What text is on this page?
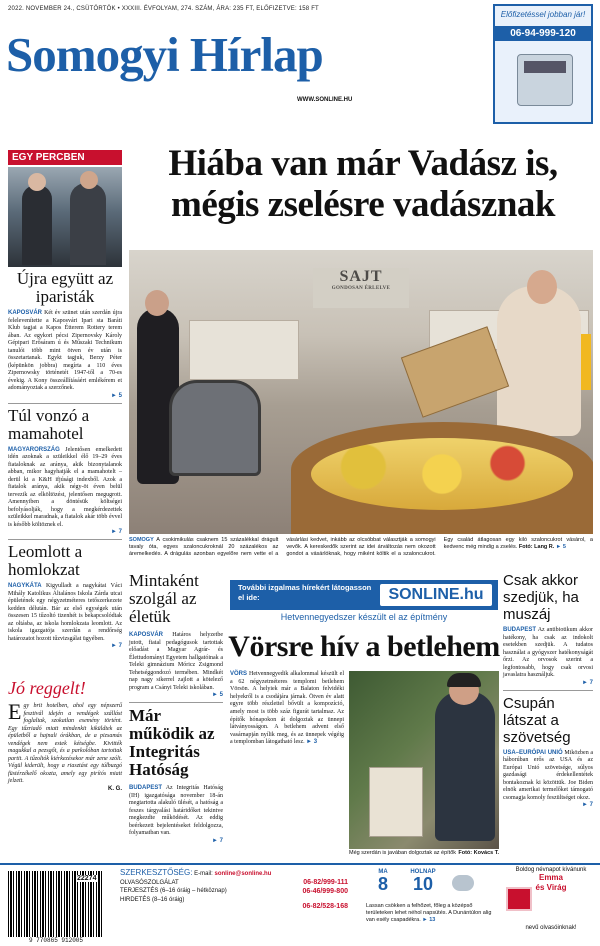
2022. NOVEMBER 24., CSÜTÖRTÖK • XXXIII. ÉVFOLYAM, 274. SZÁM, ÁRA: 235 FT, ELŐFIZETVE: 158 FT
Somogyi Hírlap
WWW.SONLINE.HU
Előfizetéssel jobban jár!
06-94-999-120
EGY PERCBEN
Újra együtt az iparisták
KAPOSVÁR Két év szünet után szerdán újra felelevenítette a Kaposvári Ipari sta Baráti Klub tagjai a Kapos Étterem Rottery terem ában. Az egykori pécsi Zipernovsky Károly Gépipari Erősáram ú és Műszaki Technikum tanulói több mint ötven év után is összetartanak. Egykt tagjuk, Berzy Péter (képünkön jobbra) megírta a 110 éves Zipernowsky történetét 1947-től a 70-es évekig. A Kony összeállításáért emlékérem et adományoztak a szerzőnek.
► 5
Túl vonzó a mamahotel
MAGYARORSZÁG Jelentősen emelkedett idén azoknak a szüleikkel élő 19–29 éves fiataloknak az aránya, akik bizonytalanok abban, mikor hagyhatják el a mamahotelt – derül ki a K&H ifjúsági indexből. Azok a fiatalok aránya, akik négy-öt éven belül tervezik az elköltözést, jelentősen megugrott. Amennyiben a döntésük költségei befolyásolják, hogy a megkérdezettek szüleikkel maradnak, a fiatalok akár több évvel is később költöznek el.
► 7
Leomlott a homlokzat
NAGYKÁTA Kigyulladt a nagykátai Váci Mihály Katolikus Általános Iskola Zárda utcai épületének egy négyzetméteres tetőszerkezete kedden délután. Bár az első egységek után összesen 15 tűzoltó tizenhét is bekapcsolódtak az oltásba, az iskola homlokzata leomlott. Az iskola igazgatója szerdán a rendőrség határozatot hozott tűzvizsgálat ügyében.
► 7
Hiába van már Vadász is, mégis zselésre vadásznak
SAJT
GONDOSAN ÉRLELVE
SOMOGY A csokimikulás csaknem 15 százalékkal drágult tavaly óta, egyes szaloncukroknál 20 százalékos az áremelkedés. A drágulás azonban egyelőre nem vette el a vásárlási kedvet, inkább az olcsóbbat választják a somogyi vevők. A kereskedők szerint az idei árváltozás nem okozott gondot a vásárlóknak, hogy miként költik el a szaloncukrot. Egy család átlagosan egy kiló szaloncukrot vásárol, a kedvenc még mindig a zselés. Fotó: Lang R. ► 5
Mintaként szolgál az életük
KAPOSVÁR Határos helyzetbe jutott, fiatal pedagógusok tartottak előadást a Magyar Agrár- és Élettudományi Egyetem hallgatóinak a Teleki gimnázium Móricz Zsigmond Tehetséggondozó termében. Mindkét nap nagy sikerrel zajlott a kötelező program a Csányi Teleki iskolában.
► 5
Már működik az Integritás Hatóság
BUDAPEST Az Integritás Hatóság (IH) igazgatósága november 18-án megtartotta alakuló ülését, a hatóság a feszes tárgyalási határidőket tekintve megkezdte működését. Az eddig beérkezett bejelentéseket feldolgozza, folyamatban van.
► 7
További izgalmas hírekért látogasson el ide:	SONLINE.hu
Hetvennegyedszer készült el az építmény
Vörsre hív a betlehem
VÖRS Hetvennegyedik alkalommal készült el a 62 négyzetméteres templomi betlehem Vörsön. A helyiek már a Balaton felvidéki helyekről is a csodájára járnak. Ötven év alatt egyre több részlettel bővült a kompozíció, amely most is több száz figurát tartalmaz. Az építők hónapokon át dolgoztak az ünnepi látványosságon. A betlehem advent első vasárnapján nyílik meg, és az ünnepek végéig a templomban látogatható lesz. ► 3
Még szerdán is javában dolgoztak az építők Fotó: Kovács T.
Csak akkor szedjük, ha muszáj
BUDAPEST Az antibiotikum akkor hatékony, ha csak az indokolt esetekben szedjük. A tudatos használat a gyógyszer hatékonyságát őrzi. Az orvosok szerint a legfontosabb, hogy csak orvosi javaslatra használjuk.
► 7
Csupán látszat a szövetség
USA–EURÓPAI UNIÓ Miközben a háborúban erős az USA és az Európai Unió szövetsége, súlyos gazdasági érdekellentétek bontakoznak ki közöttük. Joe Biden elnök amerikai termelőket támogató csomagja komoly feszültséget okoz.
► 7
Jó reggelt!
Egy brit hotelben, ahol egy népszerű fesztivál idején a vendégek szállást foglaltak, szokatlan esemény történt. Egy tűzriadó miatt mindenkit kiküldtek az épületből a hajnali órákban, de a pizsamás vendégek nem estek kétségbe. Kivitték magukkal a pezsgőt, és a parkolóban tartottak partit. A tűzoltók kiérkezésekor már zene szólt. Végül kiderült, hogy a riasztást egy túlbuzgó füstérzékelő okozta, amely egy pirítós miatt jelzett.
K. G.
22274
9 770865 912005
SZERKESZTŐSÉG: E-mail: sonline@sonline.hu
OLVASÓSZOLGÁLAT
TERJESZTÉS (6–16 óráig – hétköznap)
06-82/999-111
HIRDETÉS (8–16 óráig)
06-46/999-800
06-82/528-168
MA
8
HOLNAP
10
Lassan csökken a felhőzet, főleg a középső területeken lehet néhol napsütés. A Dunántúlon alig van esély csapadékra. ► 13
Boldog névnapot kívánunk
Emma
és Virág
nevű olvasóinknak!
